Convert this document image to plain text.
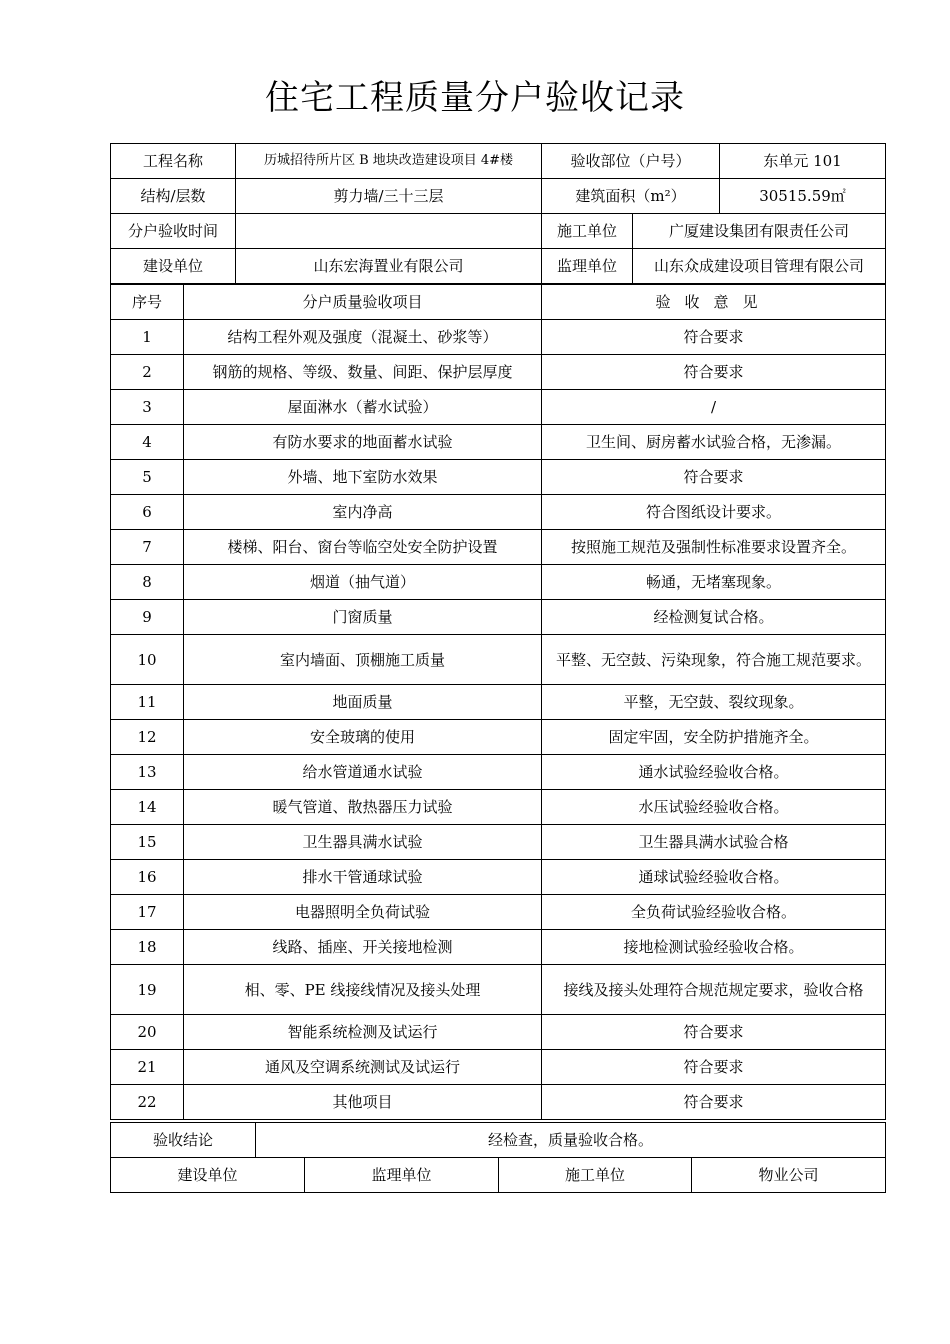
住宅工程质量分户验收记录
工程名称	历城招待所片区 B 地块改造建设项目 4#楼	验收部位（户号）		东单元 101
结构/层数	剪力墙/三十三层	建筑面积（m²）		30515.59㎡
分户验收时间		施工单位	广厦建设集团有限责任公司	
建设单位	山东宏海置业有限公司	监理单位	山东众成建设项目管理有限公司	
序号	分户质量验收项目	验收意见
1	结构工程外观及强度（混凝土、砂浆等）	符合要求
2	钢筋的规格、等级、数量、间距、保护层厚度	符合要求
3	屋面淋水（蓄水试验）	/
4	有防水要求的地面蓄水试验	卫生间、厨房蓄水试验合格，无渗漏。
5	外墙、地下室防水效果	符合要求
6	室内净高	符合图纸设计要求。
7	楼梯、阳台、窗台等临空处安全防护设置	按照施工规范及强制性标准要求设置齐全。
8	烟道（抽气道）	畅通，无堵塞现象。
9	门窗质量	经检测复试合格。
10	室内墙面、顶棚施工质量	平整、无空鼓、污染现象，符合施工规范要求。
11	地面质量	平整，无空鼓、裂纹现象。
12	安全玻璃的使用	固定牢固，安全防护措施齐全。
13	给水管道通水试验	通水试验经验收合格。
14	暖气管道、散热器压力试验	水压试验经验收合格。
15	卫生器具满水试验	卫生器具满水试验合格
16	排水干管通球试验	通球试验经验收合格。
17	电器照明全负荷试验	全负荷试验经验收合格。
18	线路、插座、开关接地检测	接地检测试验经验收合格。
19	相、零、PE 线接线情况及接头处理	接线及接头处理符合规范规定要求，验收合格
20	智能系统检测及试运行	符合要求
21	通风及空调系统测试及试运行	符合要求
22	其他项目	符合要求
验收结论	经检查，质量验收合格。
建设单位	监理单位	施工单位	物业公司
